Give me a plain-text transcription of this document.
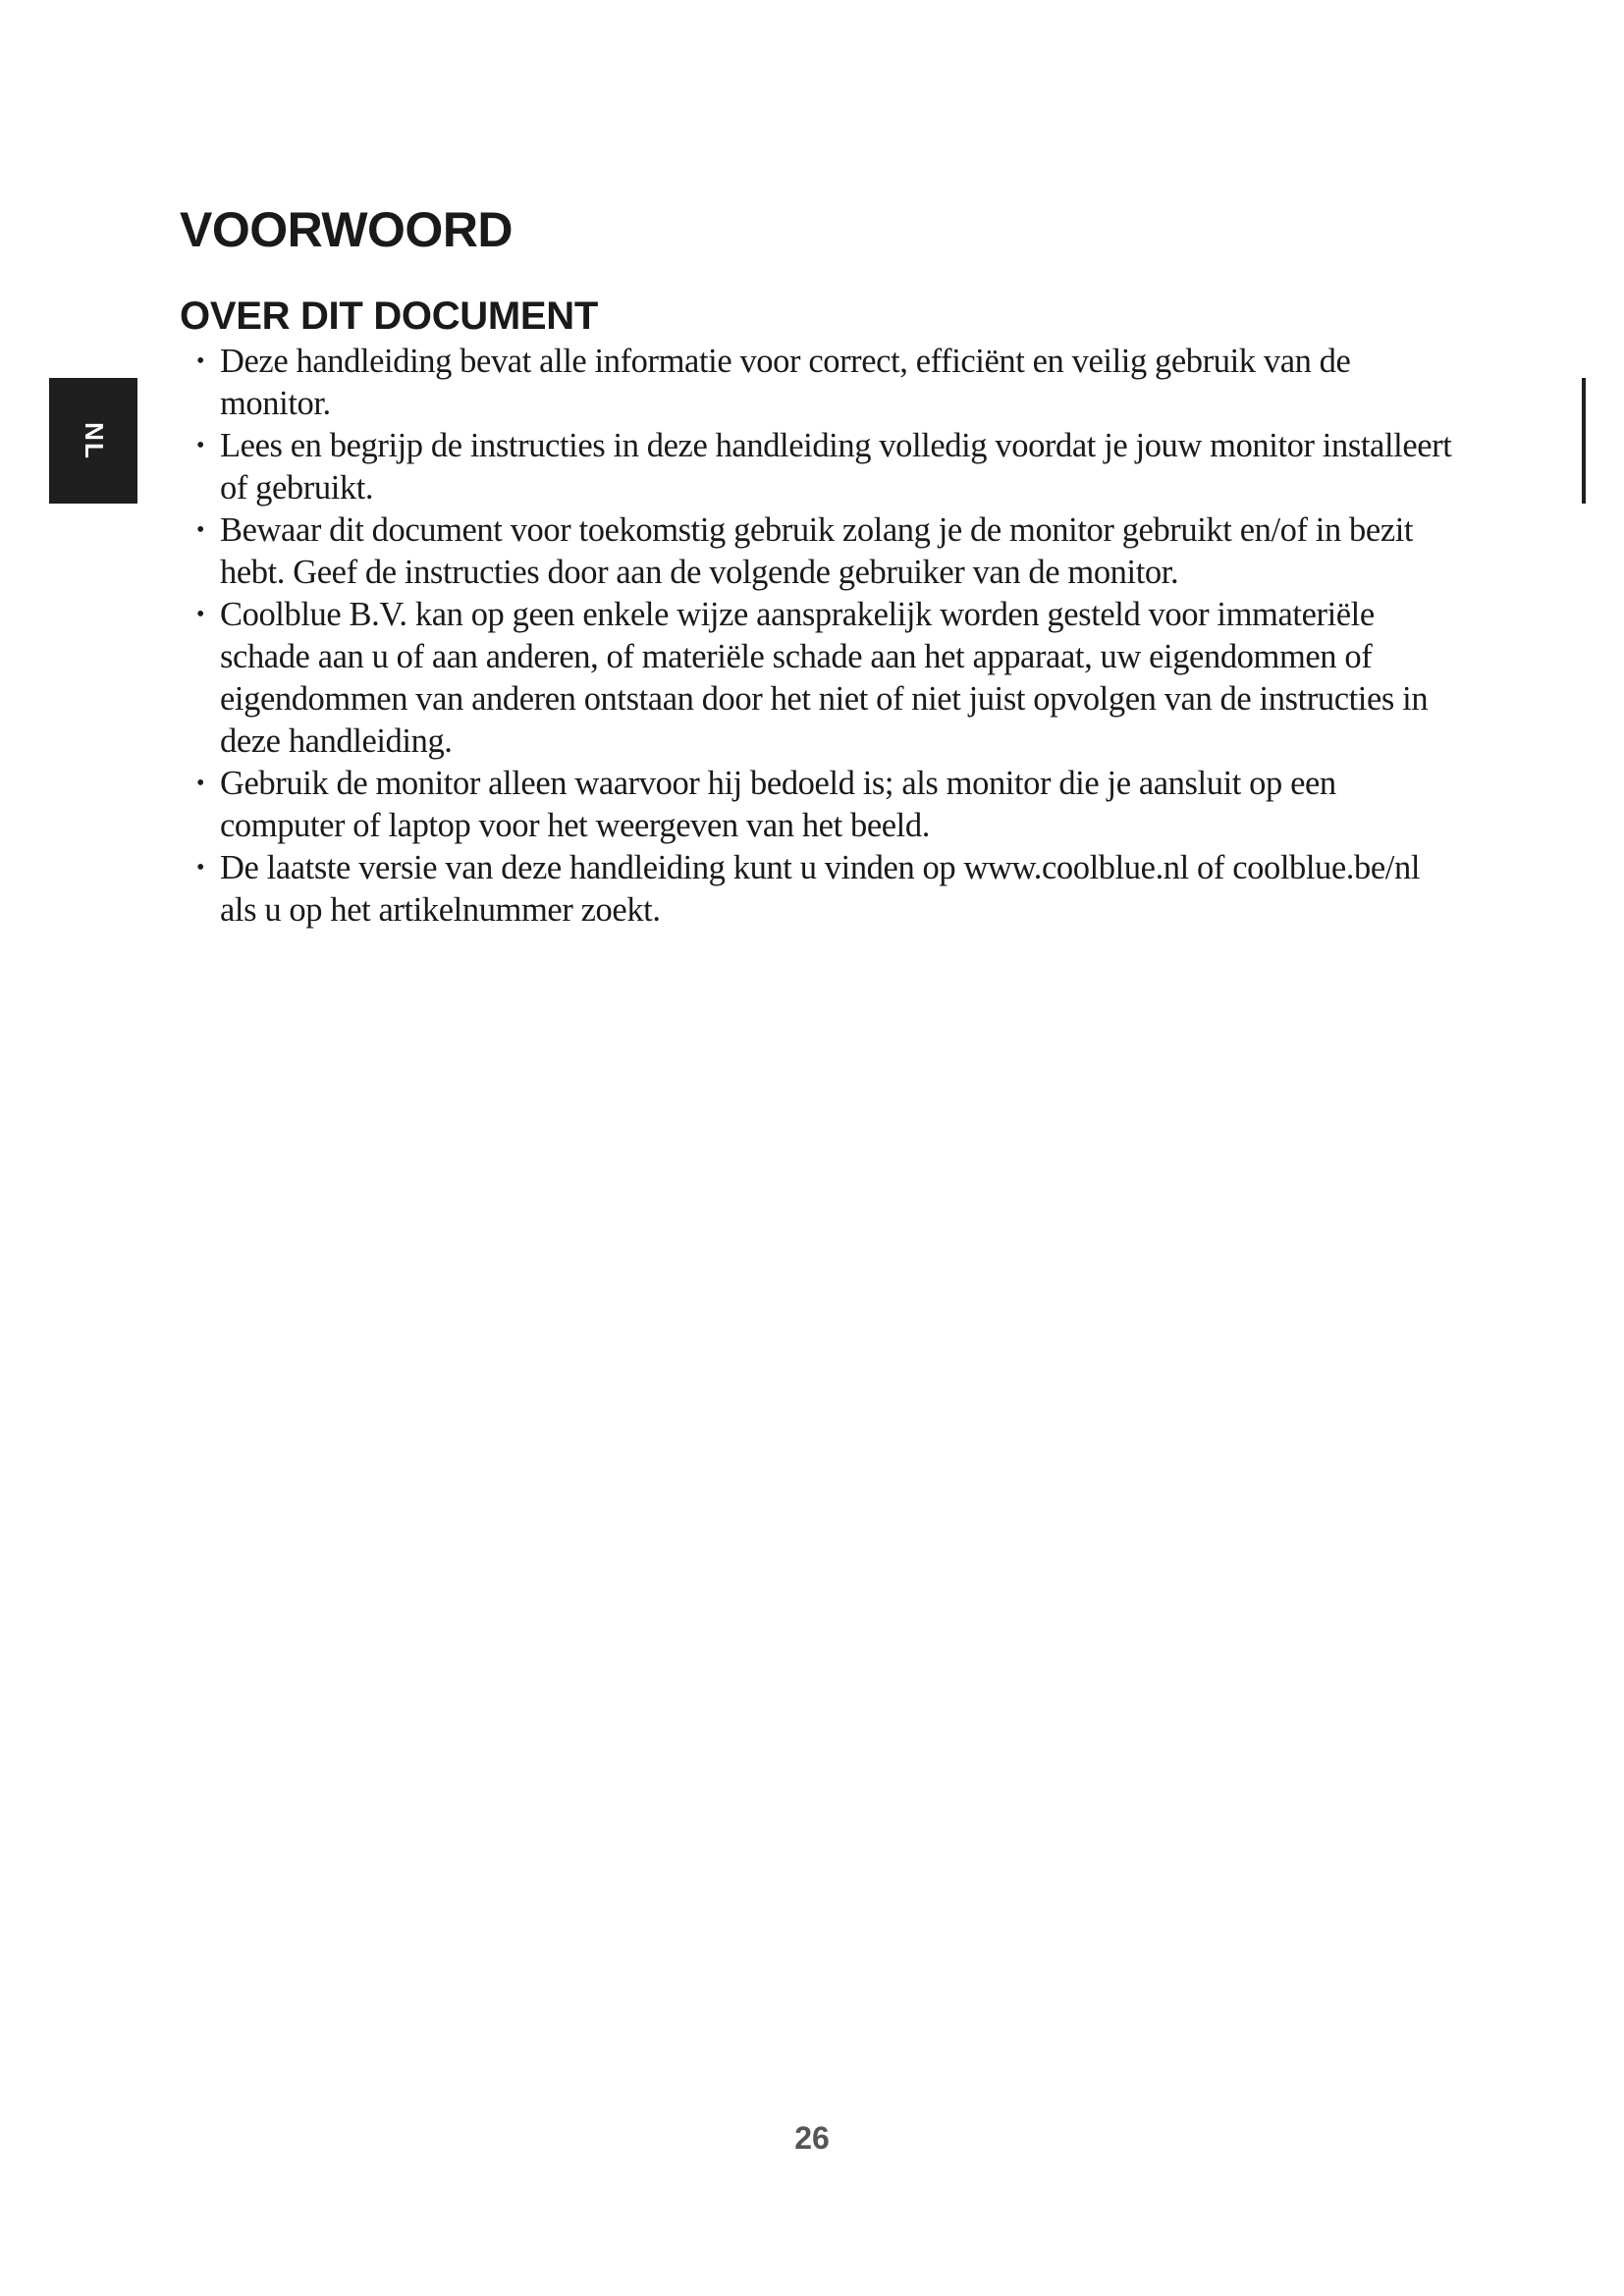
NL
VOORWOORD
OVER DIT DOCUMENT
• Deze handleiding bevat alle informatie voor correct, efficiënt en veilig gebruik van de monitor.
• Lees en begrijp de instructies in deze handleiding volledig voordat je jouw monitor installeert of gebruikt.
• Bewaar dit document voor toekomstig gebruik zolang je de monitor gebruikt en/of in bezit hebt. Geef de instructies door aan de volgende gebruiker van de monitor.
• Coolblue B.V. kan op geen enkele wijze aansprakelijk worden gesteld voor immateriële schade aan u of aan anderen, of materiële schade aan het apparaat, uw eigendommen of eigendommen van anderen ontstaan door het niet of niet juist opvolgen van de instructies in deze handleiding.
• Gebruik de monitor alleen waarvoor hij bedoeld is; als monitor die je aansluit op een computer of laptop voor het weergeven van het beeld.
• De laatste versie van deze handleiding kunt u vinden op www.coolblue.nl of coolblue.be/nl als u op het artikelnummer zoekt.
26
